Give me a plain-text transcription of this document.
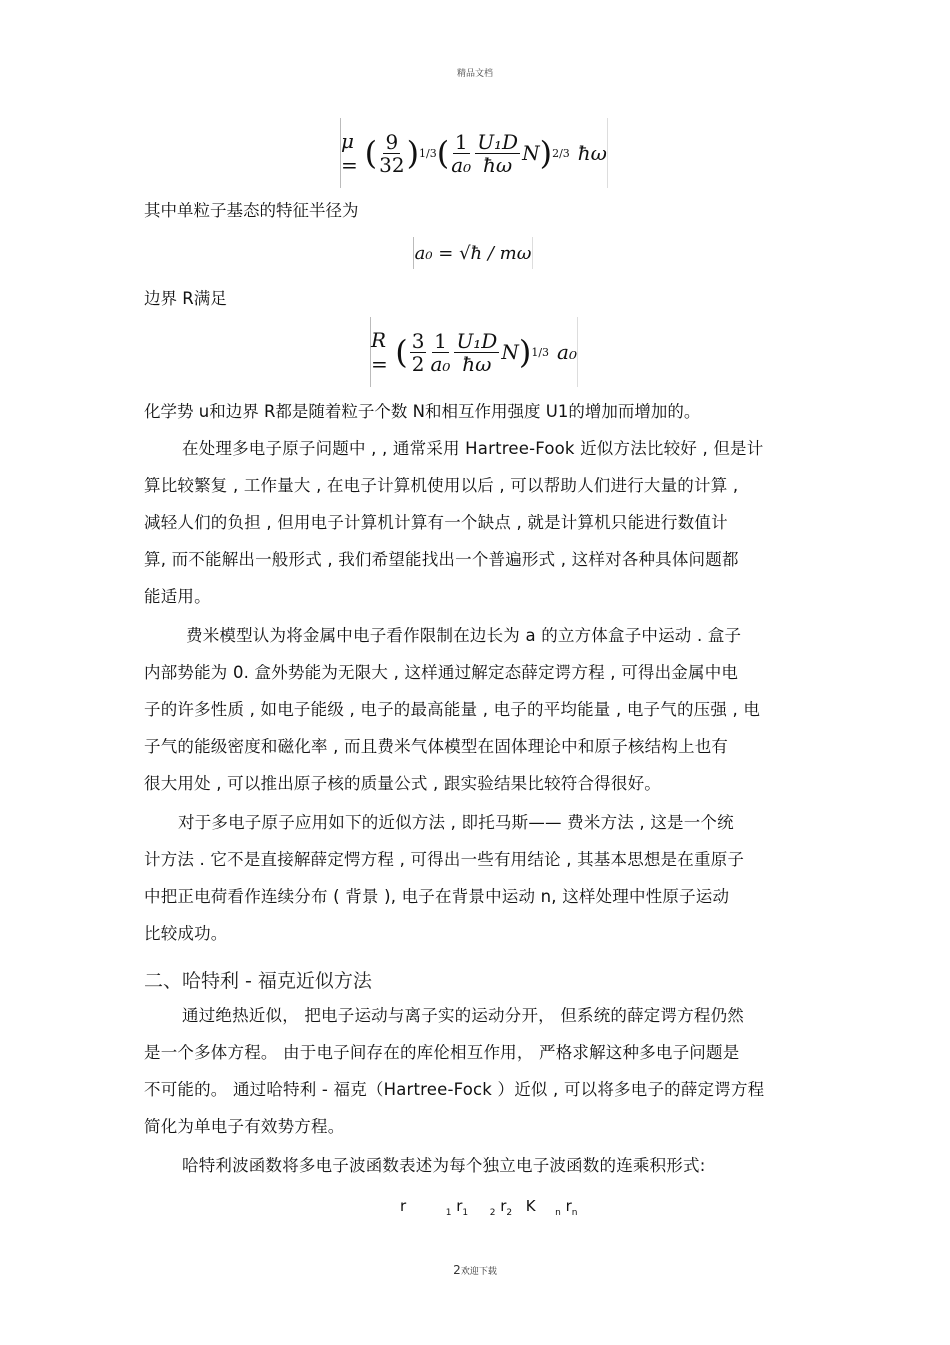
精品文档
μ = ( $\frac{9}{32}$ ) 1/3 ( $\frac{1}{\text{a₀}} \frac{\text{U₁D}}{ħ\omega}$ N ) 2/3 ħω
其中单粒子基态的特征半径为
a₀ = √ħ / mω
边界 R满足
R = ( $\frac{3}{2} \frac{1}{\text{a₀}} \frac{\text{U₁D}}{ħ\omega}$ N ) 1/3 a₀
化学势 u和边界 R都是随着粒子个数 N和相互作用强度 U1的增加而增加的。
在处理多电子原子问题中 , , 通常采用 Hartree-Fook 近似方法比较好 , 但是计
算比较繁复 , 工作量大 , 在电子计算机使用以后 , 可以帮助人们进行大量的计算 ,
减轻人们的负担 , 但用电子计算机计算有一个缺点 , 就是计算机只能进行数值计
算, 而不能解出一般形式 , 我们希望能找出一个普遍形式 , 这样对各种具体问题都
能适用。
费米模型认为将金属中电子看作限制在边长为 a 的立方体盒子中运动 . 盒子
内部势能为 0. 盒外势能为无限大 , 这样通过解定态薛定谔方程 , 可得出金属中电
子的许多性质 , 如电子能级 , 电子的最高能量 , 电子的平均能量 , 电子气的压强 , 电
子气的能级密度和磁化率 , 而且费米气体模型在固体理论中和原子核结构上也有
很大用处 , 可以推出原子核的质量公式 , 跟实验结果比较符合得很好。
对于多电子原子应用如下的近似方法 , 即托马斯—— 费米方法 , 这是一个统
计方法 . 它不是直接解薛定愕方程 , 可得出一些有用结论 , 其基本思想是在重原子
中把正电荷看作连续分布 ( 背景 ), 电子在背景中运动 n, 这样处理中性原子运动
比较成功。
二、哈特利 - 福克近似方法
通过绝热近似， 把电子运动与离子实的运动分开， 但系统的薛定谔方程仍然
是一个多体方程。 由于电子间存在的库伦相互作用， 严格求解这种多电子问题是
不可能的。 通过哈特利 - 福克（Hartree-Fock ）近似 , 可以将多电子的薛定谔方程
简化为单电子有效势方程。
哈特利波函数将多电子波函数表述为每个独立电子波函数的连乘积形式:
r	$_1$ $r_1$ $_2$ $r_2$ K $_n$ $r_n$
2欢迎下载
